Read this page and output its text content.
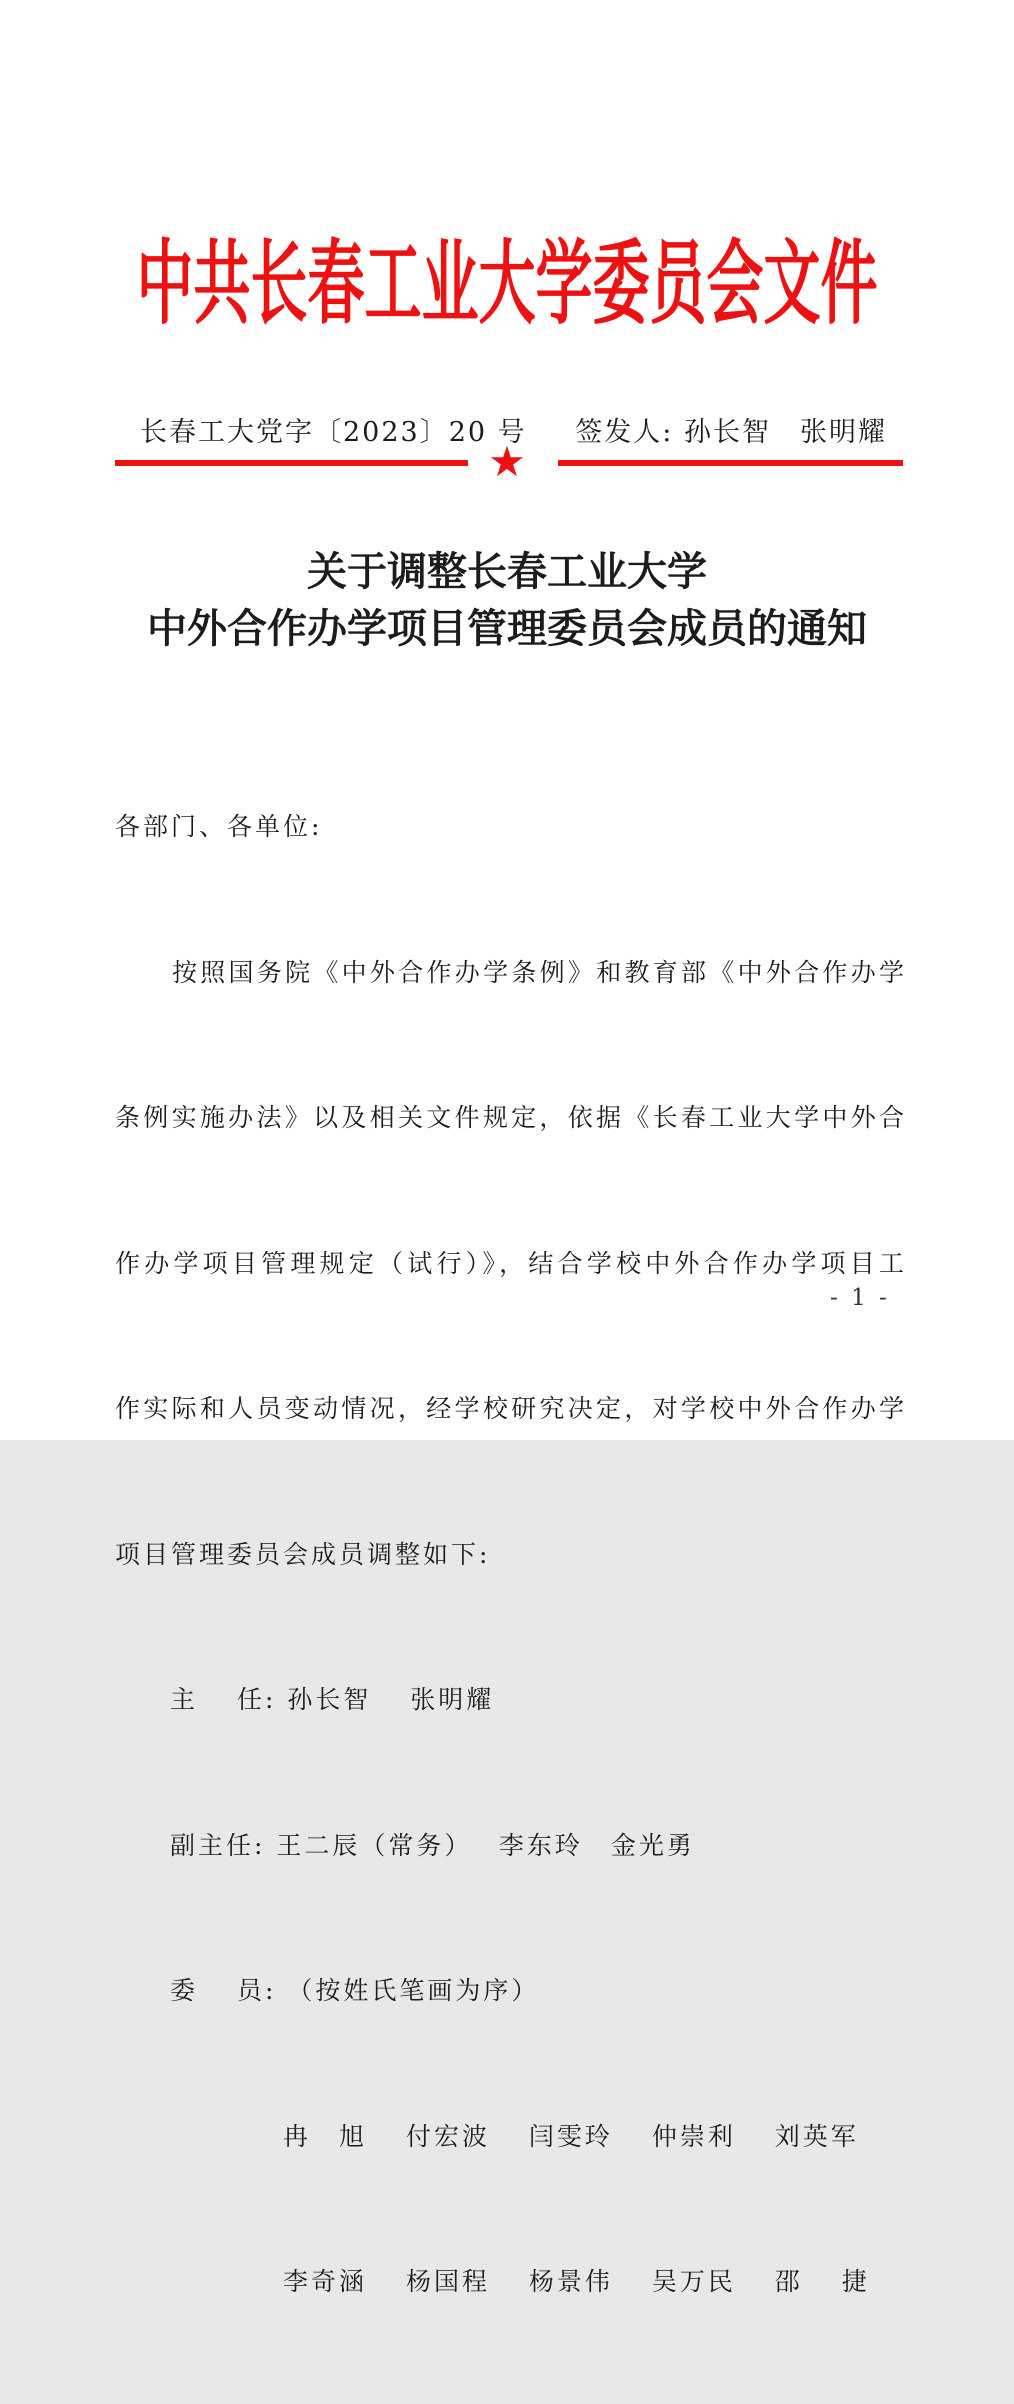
中共长春工业大学委员会文件
长春工大党字〔2023〕20 号 签发人: 孙长智　张明耀
★
关于调整长春工业大学
中外合作办学项目管理委员会成员的通知

各部门、各单位:

按照国务院《中外合作办学条例》和教育部《中外合作办学

条例实施办法》以及相关文件规定，依据《长春工业大学中外合

作办学项目管理规定（试行）》，结合学校中外合作办学项目工

作实际和人员变动情况，经学校研究决定，对学校中外合作办学

项目管理委员会成员调整如下:

主　 任: 孙长智　 张明耀

副主任: 王二辰（常务）　 李东玲　金光勇

委　 员: （按姓氏笔画为序）

冉　旭　 付宏波　 闫雯玲　 仲崇利　 刘英军

李奇涵　 杨国程　 杨景伟　 吴万民　 邵　 捷

- 1 -
